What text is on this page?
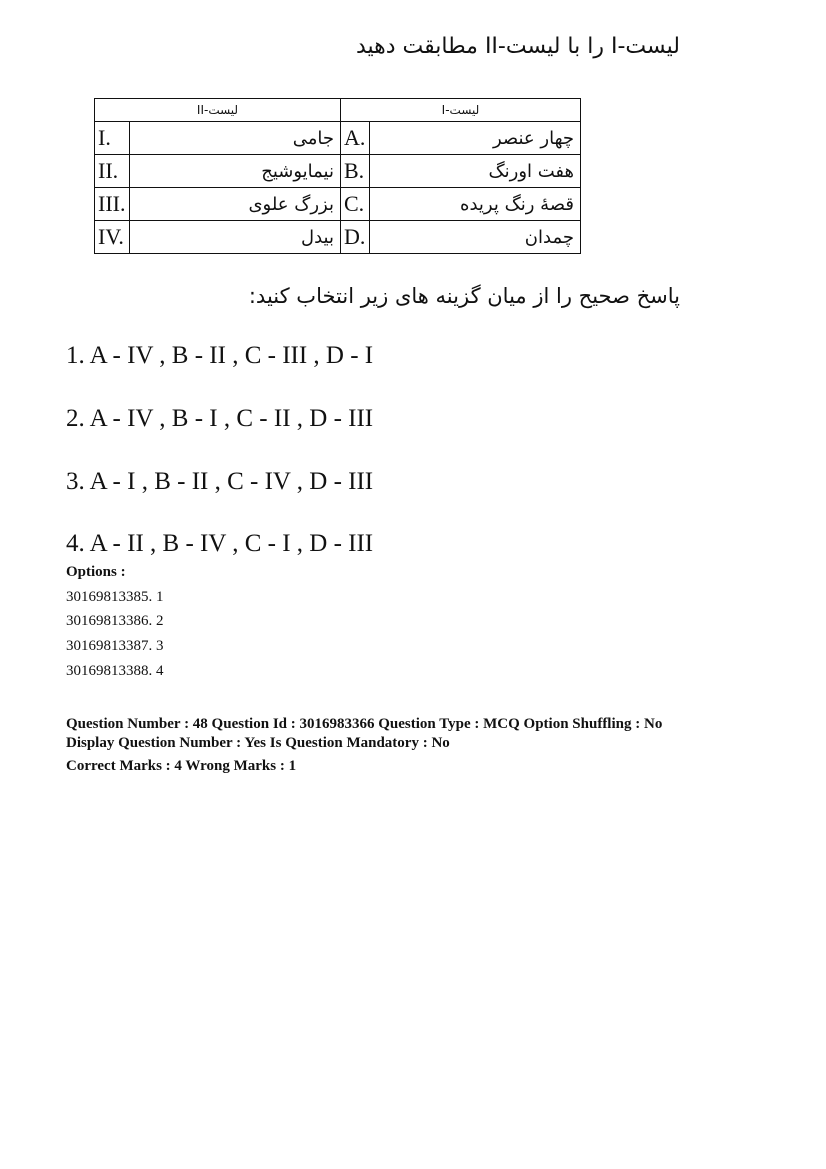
لیست-I را با لیست-II مطابقت دهید
لیست-II		لیست-I	
I.	جامی	A.	چهار عنصر
II.	نیمایوشیج	B.	هفت اورنگ
III.	بزرگ علوی	C.	قصهٔ رنگ پریده
IV.	بیدل	D.	چمدان
پاسخ صحیح را از میان گزینه های زیر انتخاب کنید:
1. A - IV , B - II , C - III , D - I
2. A - IV , B - I , C - II , D - III
3. A - I , B - II , C - IV , D - III
4. A - II , B - IV , C - I , D - III
Options :
30169813385. 1
30169813386. 2
30169813387. 3
30169813388. 4
Question Number : 48 Question Id : 3016983366 Question Type : MCQ Option Shuffling : No
Display Question Number : Yes Is Question Mandatory : No
Correct Marks : 4 Wrong Marks : 1
